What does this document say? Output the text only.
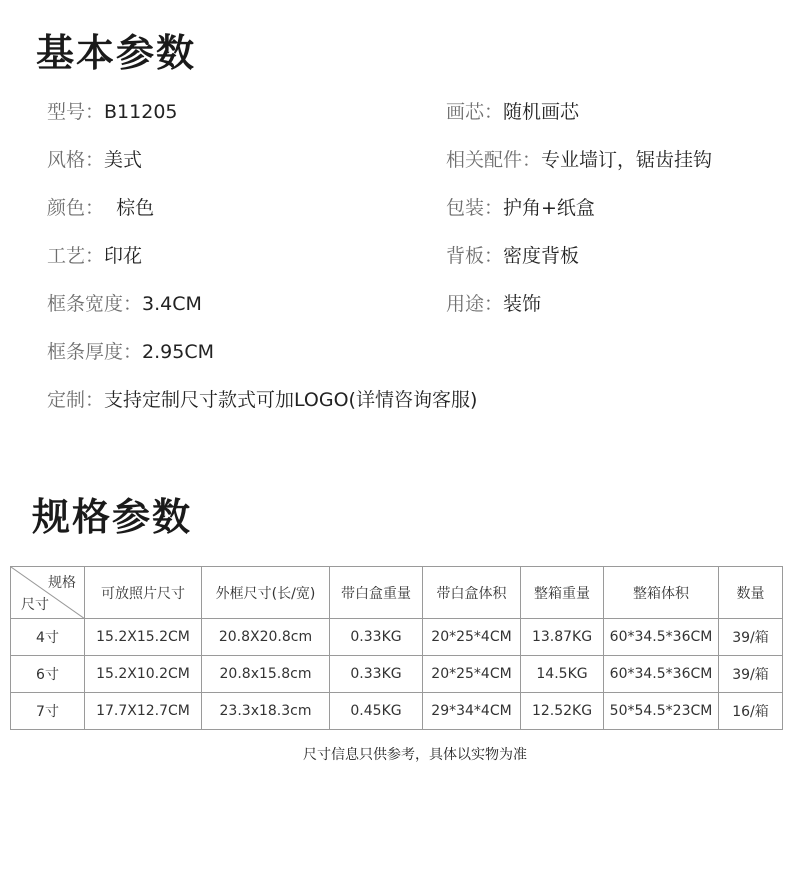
基本参数
型号：B11205	画芯：随机画芯
风格：美式	相关配件：专业墙订，锯齿挂钩
颜色：  棕色	包装：护角+纸盒
工艺：印花	背板：密度背板
框条宽度：3.4CM	用途：装饰
框条厚度：2.95CM
定制：支持定制尺寸款式可加LOGO(详情咨询客服)
规格参数
规格
尺寸	可放照片尺寸	外框尺寸(长/宽)	带白盒重量	带白盒体积	整箱重量	整箱体积	数量
4寸	15.2X15.2CM	20.8X20.8cm	0.33KG	20*25*4CM	13.87KG	60*34.5*36CM	39/箱
6寸	15.2X10.2CM	20.8x15.8cm	0.33KG	20*25*4CM	14.5KG	60*34.5*36CM	39/箱
7寸	17.7X12.7CM	23.3x18.3cm	0.45KG	29*34*4CM	12.52KG	50*54.5*23CM	16/箱
尺寸信息只供参考，具体以实物为准
